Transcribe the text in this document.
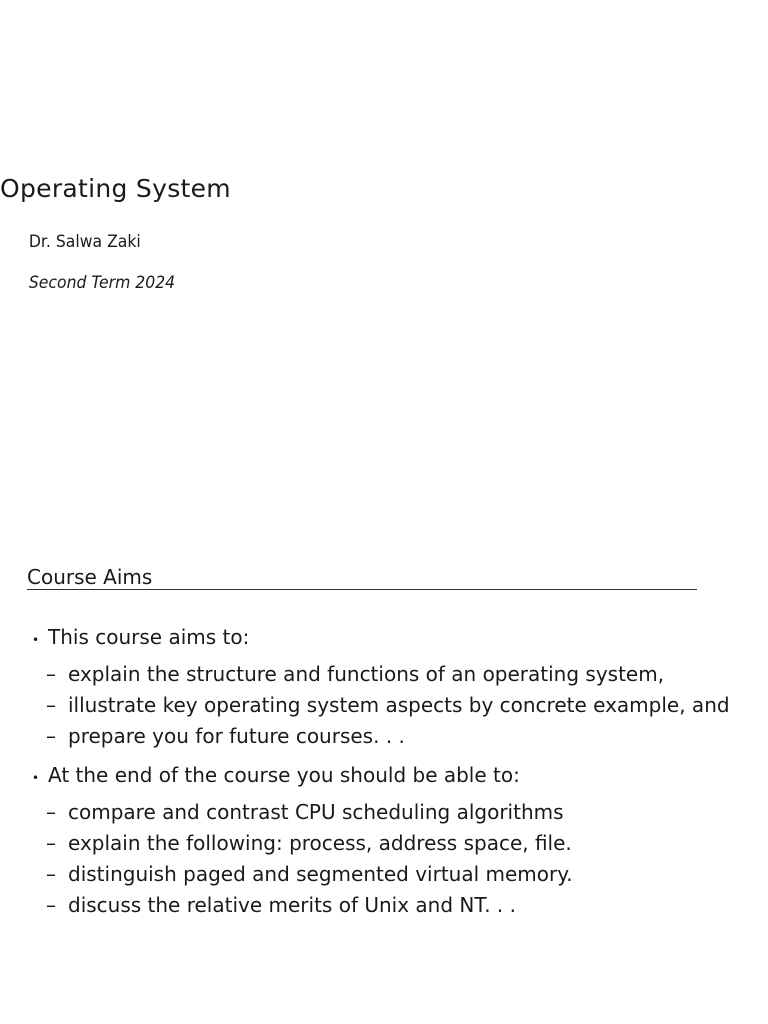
Operating System
Dr. Salwa Zaki
Second Term 2024
Course Aims
• This course aims to:
– explain the structure and functions of an operating system,
– illustrate key operating system aspects by concrete example, and
– prepare you for future courses. . .
• At the end of the course you should be able to:
– compare and contrast CPU scheduling algorithms
– explain the following: process, address space, file.
– distinguish paged and segmented virtual memory.
– discuss the relative merits of Unix and NT. . .
